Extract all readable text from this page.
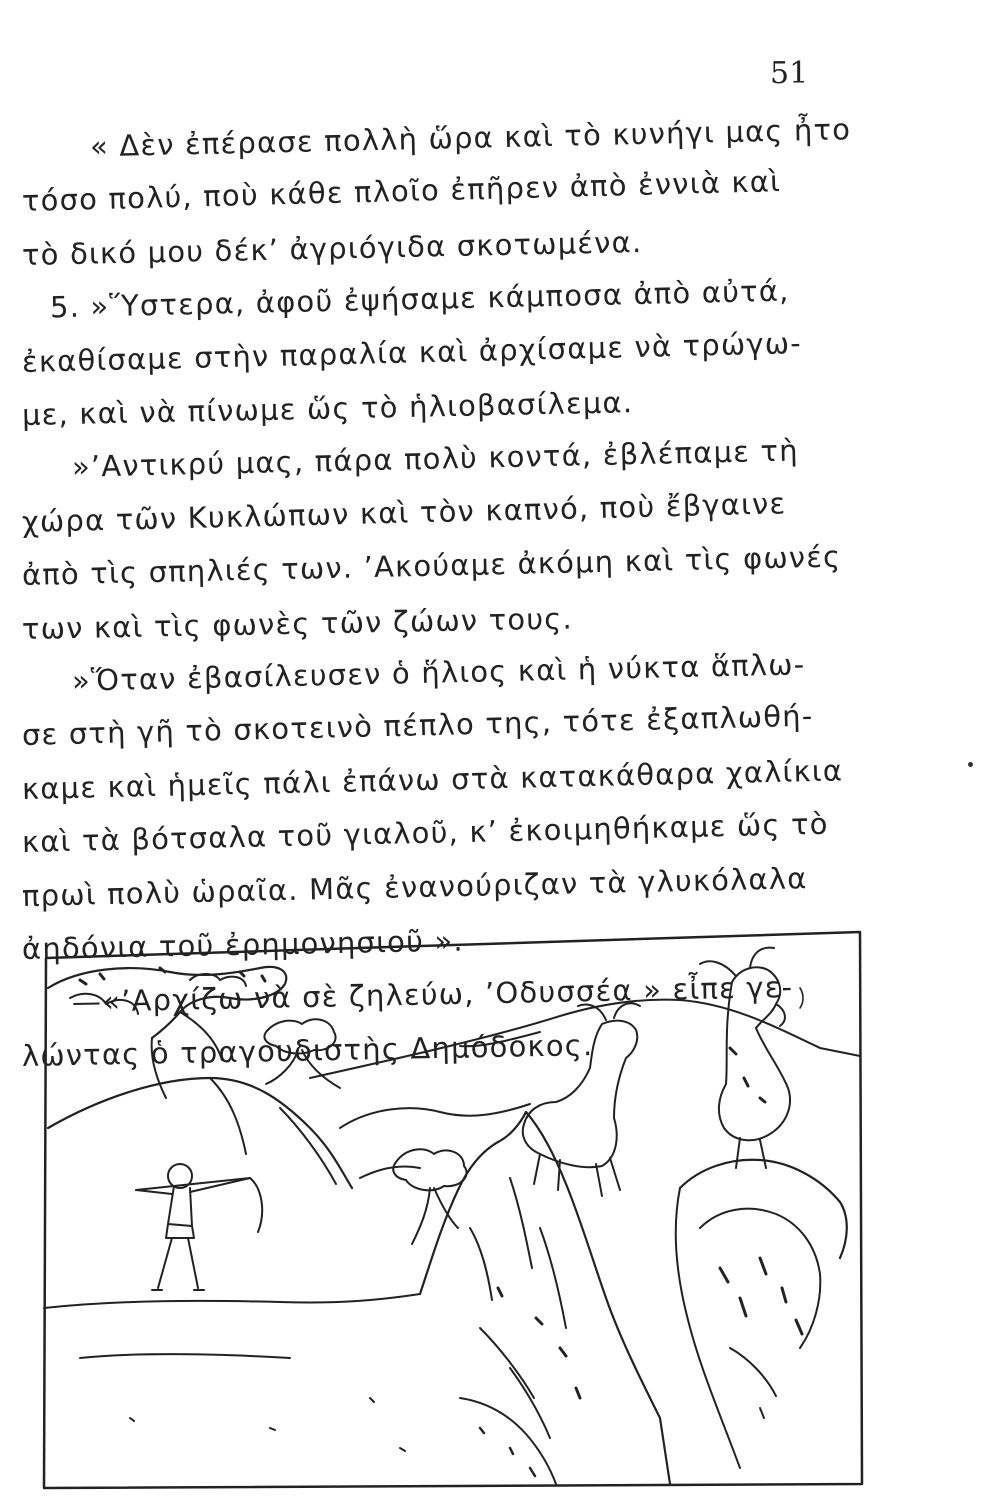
51
« Δὲν ἐπέρασε πολλὴ ὥρα καὶ τὸ κυνήγι μας ἦτο
τόσο πολύ, ποὺ κάθε πλοῖο ἐπῆρεν ἀπὸ ἐννιὰ καὶ
τὸ δικό μου δέκ’ ἀγριόγιδα σκοτωμένα.
5. »Ὕστερα, ἀφοῦ ἐψήσαμε κάμποσα ἀπὸ αὐτά,
ἐκαθίσαμε στὴν παραλία καὶ ἀρχίσαμε νὰ τρώγω-
με, καὶ νὰ πίνωμε ὥς τὸ ἡλιοβασίλεμα.
»’Αντικρύ μας, πάρα πολὺ κοντά, ἐβλέπαμε τὴ
χώρα τῶν Κυκλώπων καὶ τὸν καπνό, ποὺ ἔβγαινε
ἀπὸ τὶς σπηλιές των. ’Ακούαμε ἀκόμη καὶ τὶς φωνές
των καὶ τὶς φωνὲς τῶν ζώων τους.
»Ὅταν ἐβασίλευσεν ὁ ἥλιος καὶ ἡ νύκτα ἅπλω-
σε στὴ γῆ τὸ σκοτεινὸ πέπλο της, τότε ἐξαπλωθή-
καμε καὶ ἡμεῖς πάλι ἐπάνω στὰ κατακάθαρα χαλίκια
καὶ τὰ βότσαλα τοῦ γιαλοῦ, κ’ ἐκοιμηθήκαμε ὥς τὸ
πρωὶ πολὺ ὡραῖα. Μᾶς ἐνανούριζαν τὰ γλυκόλαλα
ἀηδόνια τοῦ ἐρημονησιοῦ ».
—«’Αρχίζω νὰ σὲ ζηλεύω, ’Οδυσσέα » εἶπε γε-
λώντας ὁ τραγουδιστὴς Δημόδοκος.
